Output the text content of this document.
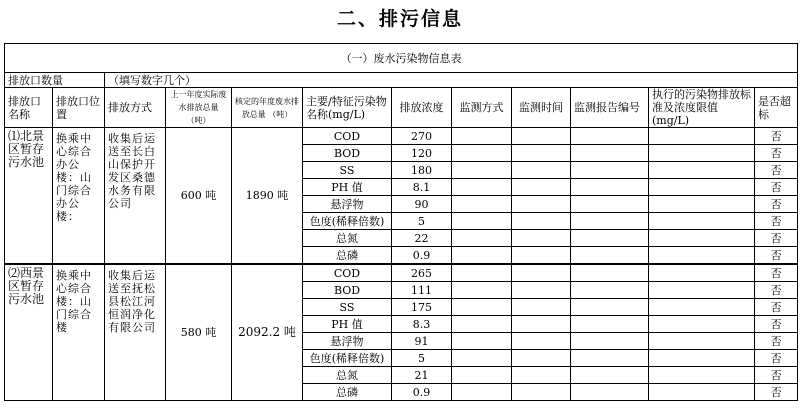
二、排污信息
（一）废水污染物信息表											
排放口数量		（填写数字几个）									
排放口名称	排放口位置	排放方式	上一年度实际废水排放总量（吨）	核定的年度废水排放总量 （吨）	主要/特征污染物名称(mg/L)	排放浓度	监测方式	监测时间	监测报告编号	执行的污染物排放标准及浓度限值(mg/L)	是否超标
⑴北景区暂存污水池	换乘中心综合办公楼：山门综合办公楼：	收集后运送至长白山保护开发区桑德水务有限公司	600 吨	1890 吨	COD	270					否
					BOD	120					否
					SS	180					否
					PH 值	8.1					否
					悬浮物	90					否
					色度(稀释倍数)	5					否
					总氮	22					否
					总磷	0.9					否
⑵西景区暂存污水池	换乘中心综合楼：山门综合楼	收集后运送至抚松县松江河恒润净化有限公司	580 吨	2092.2 吨	COD	265					否
					BOD	111					否
					SS	175					否
					PH 值	8.3					否
					悬浮物	91					否
					色度(稀释倍数)	5					否
					总氮	21					否
					总磷	0.9					否
